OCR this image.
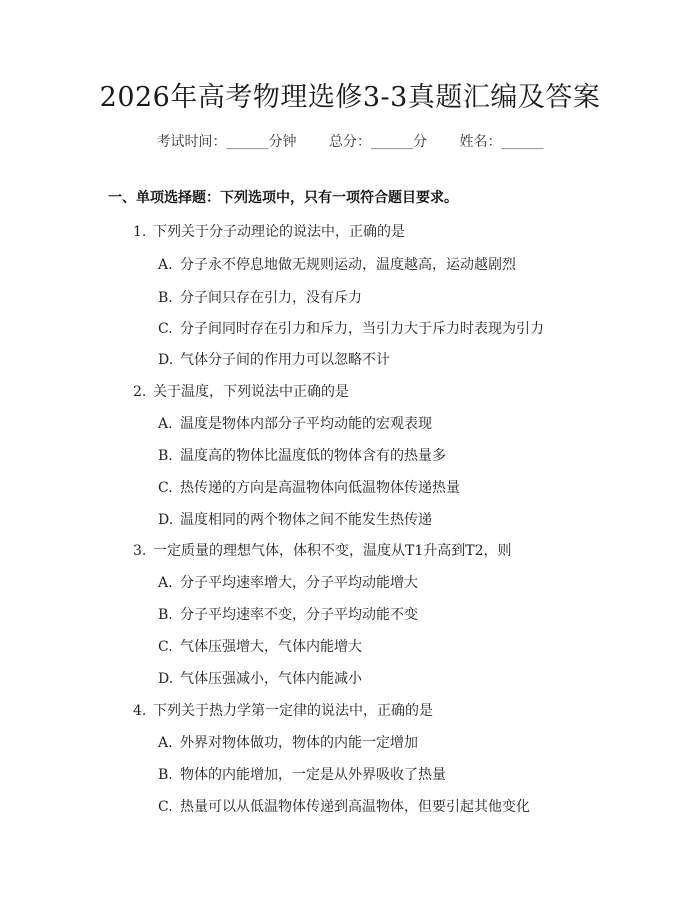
2026年高考物理选修3-3真题汇编及答案
考试时间：______分钟 总分：______分 姓名：______
一、单项选择题：下列选项中，只有一项符合题目要求。
1. 下列关于分子动理论的说法中，正确的是
A. 分子永不停息地做无规则运动，温度越高，运动越剧烈
B. 分子间只存在引力，没有斥力
C. 分子间同时存在引力和斥力，当引力大于斥力时表现为引力
D. 气体分子间的作用力可以忽略不计
2. 关于温度，下列说法中正确的是
A. 温度是物体内部分子平均动能的宏观表现
B. 温度高的物体比温度低的物体含有的热量多
C. 热传递的方向是高温物体向低温物体传递热量
D. 温度相同的两个物体之间不能发生热传递
3. 一定质量的理想气体，体积不变，温度从T1升高到T2，则
A. 分子平均速率增大，分子平均动能增大
B. 分子平均速率不变，分子平均动能不变
C. 气体压强增大，气体内能增大
D. 气体压强减小，气体内能减小
4. 下列关于热力学第一定律的说法中，正确的是
A. 外界对物体做功，物体的内能一定增加
B. 物体的内能增加，一定是从外界吸收了热量
C. 热量可以从低温物体传递到高温物体，但要引起其他变化
